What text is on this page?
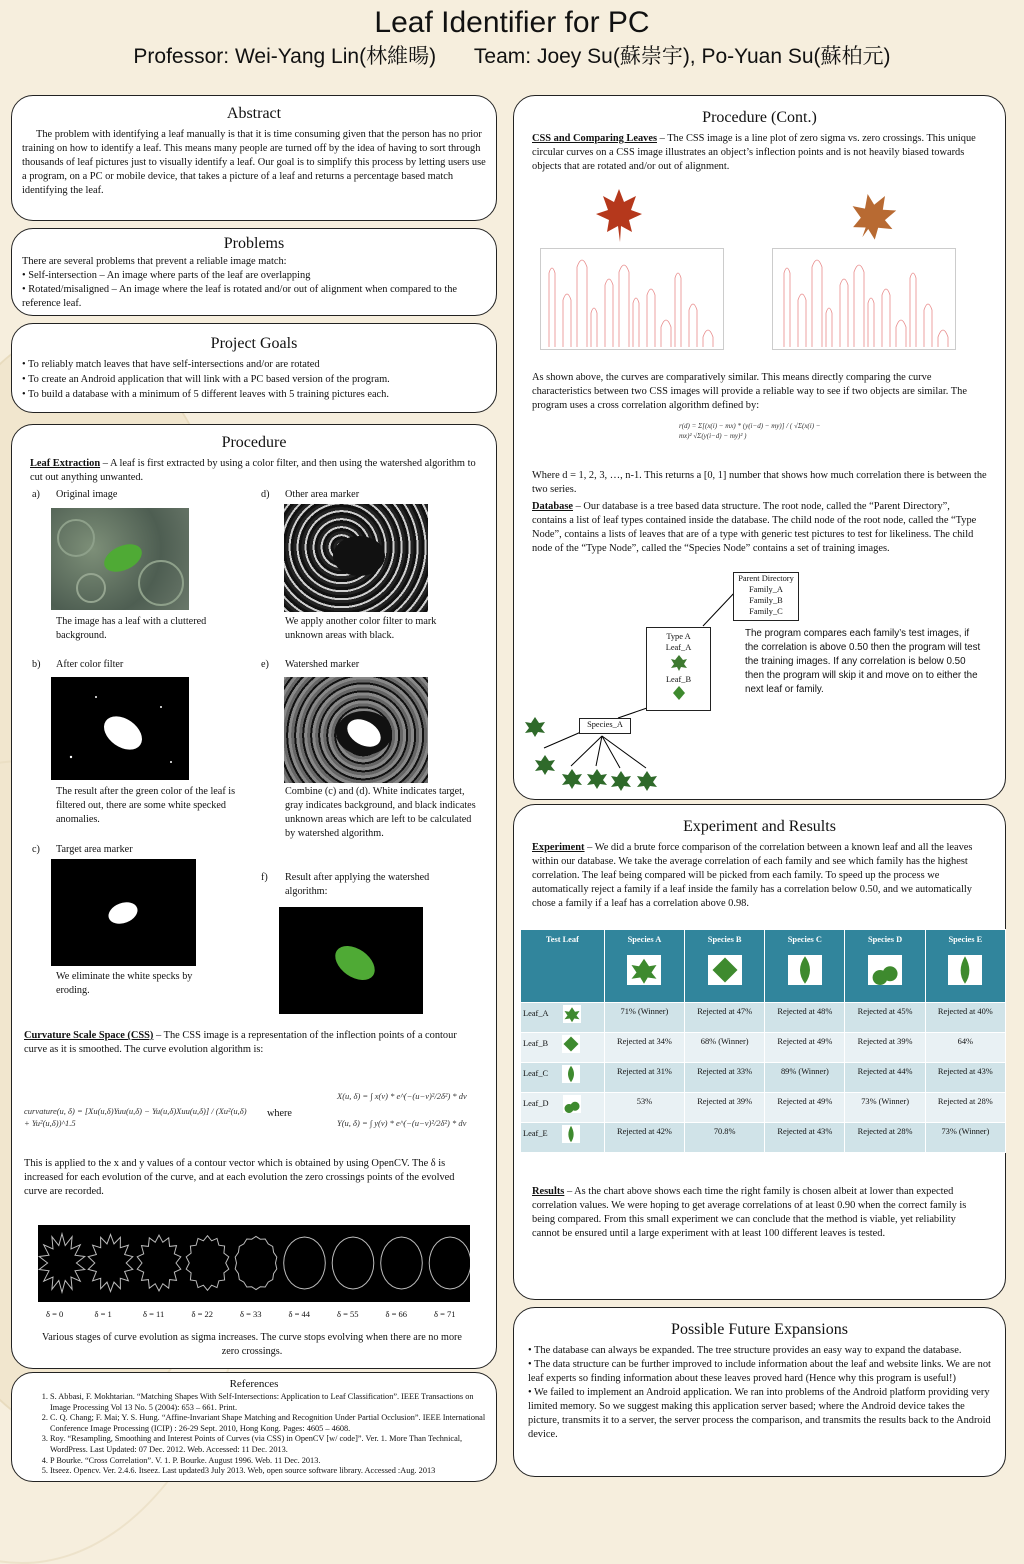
Leaf Identifier for PC
Professor: Wei-Yang Lin(林維暘) Team: Joey Su(蘇崇宇), Po-Yuan Su(蘇柏元)
Abstract

The problem with identifying a leaf manually is that it is time consuming given that the person has no prior training on how to identify a leaf. This means many people are turned off by the idea of having to sort through thousands of leaf pictures just to visually identify a leaf. Our goal is to simplify this process by letting users use a program, on a PC or mobile device, that takes a picture of a leaf and returns a percentage based match identifying the leaf.

Problems

There are several problems that prevent a reliable image match:

• Self-intersection – An image where parts of the leaf are overlapping

• Rotated/misaligned – An image where the leaf is rotated and/or out of alignment when compared to the reference leaf.

Project Goals

• To reliably match leaves that have self-intersections and/or are rotated

• To create an Android application that will link with a PC based version of the program.

• To build a database with a minimum of 5 different leaves with 5 training pictures each.

Procedure

Leaf Extraction – A leaf is first extracted by using a color filter, and then using the watershed algorithm to cut out anything unwanted.

a) Original image
The image has a leaf with a cluttered background.
d) Other area marker
We apply another color filter to mark unknown areas with black.
b) After color filter
The result after the green color of the leaf is filtered out, there are some white specked anomalies.
e) Watershed marker
Combine (c) and (d). White indicates target, gray indicates background, and black indicates unknown areas which are left to be calculated by watershed algorithm.
c) Target area marker
We eliminate the white specks by eroding.
f) Result after applying the watershed algorithm:

Curvature Scale Space (CSS) – The CSS image is a representation of the inflection points of a contour curve as it is smoothed. The curve evolution algorithm is:

curvature(u, δ) = [Xu(u,δ)Yuu(u,δ) − Yu(u,δ)Xuu(u,δ)] / (Xu²(u,δ) + Yu²(u,δ))^1.5
where
X(u, δ) = ∫ x(v) * e^(−(u−v)²/2δ²) * dv
Y(u, δ) = ∫ y(v) * e^(−(u−v)²/2δ²) * dv

This is applied to the x and y values of a contour vector which is obtained by using OpenCV. The δ is increased for each evolution of the curve, and at each evolution the zero crossings points of the evolved curve are recorded.

δ = 0	δ = 1	δ = 11	δ = 22	δ = 33	δ = 44	δ = 55	δ = 66	δ = 71
Various stages of curve evolution as sigma increases. The curve stops evolving when there are no more zero crossings.
References
1. S. Abbasi, F. Mokhtarian. “Matching Shapes With Self-Intersections: Application to Leaf Classification”. IEEE Transactions on Image Processing Vol 13 No. 5 (2004): 653 – 661. Print.
2. C. Q. Chang; F. Mai; Y. S. Hung. “Affine-Invariant Shape Matching and Recognition Under Partial Occlusion”. IEEE International Conference Image Processing (ICIP) : 26-29 Sept. 2010, Hong Kong. Pages: 4605 – 4608.
3. Roy. “Resampling, Smoothing and Interest Points of Curves (via CSS) in OpenCV [w/ code]”. Ver. 1. More Than Technical, WordPress. Last Updated: 07 Dec. 2012. Web. Accessed: 11 Dec. 2013.
4. P Bourke. “Cross Correlation”. V. 1. P. Bourke. August 1996. Web. 11 Dec. 2013.
5. Itseez. Opencv. Ver. 2.4.6. Itseez. Last updated3 July 2013. Web, open source software library. Accessed :Aug. 2013
Procedure (Cont.)

CSS and Comparing Leaves – The CSS image is a line plot of zero sigma vs. zero crossings. This unique circular curves on a CSS image illustrates an object’s inflection points and is not heavily biased towards objects that are rotated and/or out of alignment.

As shown above, the curves are comparatively similar. This means directly comparing the curve characteristics between two CSS images will provide a reliable way to see if two objects are similar. The program uses a cross correlation algorithm defined by:

r(d) = Σ[(x(i) − mx) * (y(i−d) − my)] / ( √Σ(x(i) − mx)² √Σ(y(i−d) − my)² )

Where d = 1, 2, 3, …, n-1. This returns a [0, 1] number that shows how much correlation there is between the two series.

Database – Our database is a tree based data structure. The root node, called the “Parent Directory”, contains a list of leaf types contained inside the database. The child node of the root node, called the “Type Node”, contains a lists of leaves that are of a type with generic test pictures to test for likeliness. The child node of the “Type Node”, called the “Species Node” contains a set of training images.

Parent Directory
Family_A
Family_B
Family_C
Type A
Leaf_A
Leaf_B
Species_A
The program compares each family’s test images, if the correlation is above 0.50 then the program will test the training images. If any correlation is below 0.50 then the program will skip it and move on to either the next leaf or family.
Experiment and Results

Experiment – We did a brute force comparison of the correlation between a known leaf and all the leaves within our database. We take the average correlation of each family and see which family has the highest correlation. The leaf being compared will be picked from each family. To speed up the process we automatically reject a family if a leaf inside the family has a correlation below 0.50, and we automatically chose a family if a leaf has a correlation above 0.98.

Test Leaf	Species A	Species B	Species C	Species D	Species E

Leaf_A	71% (Winner)	Rejected at 47%	Rejected at 48%	Rejected at 45%	Rejected at 40%
Leaf_B	Rejected at 34%	68% (Winner)	Rejected at 49%	Rejected at 39%	64%
Leaf_C	Rejected at 31%	Rejected at 33%	89% (Winner)	Rejected at 44%	Rejected at 43%
Leaf_D	53%	Rejected at 39%	Rejected at 49%	73% (Winner)	Rejected at 28%
Leaf_E	Rejected at 42%	70.8%	Rejected at 43%	Rejected at 28%	73% (Winner)

Results – As the chart above shows each time the right family is chosen albeit at lower than expected correlation values. We were hoping to get average correlations of at least 0.90 when the correct family is being compared. From this small experiment we can conclude that the method is viable, yet reliability cannot be ensured until a large experiment with at least 100 different leaves is tested.

Possible Future Expansions

• The database can always be expanded. The tree structure provides an easy way to expand the database.

• The data structure can be further improved to include information about the leaf and website links. We are not leaf experts so finding information about these leaves proved hard (Hence why this program is useful!)

• We failed to implement an Android application. We ran into problems of the Android platform providing very limited memory. So we suggest making this application server based; where the Android device takes the picture, transmits it to a server, the server process the comparison, and transmits the results back to the Android device.
